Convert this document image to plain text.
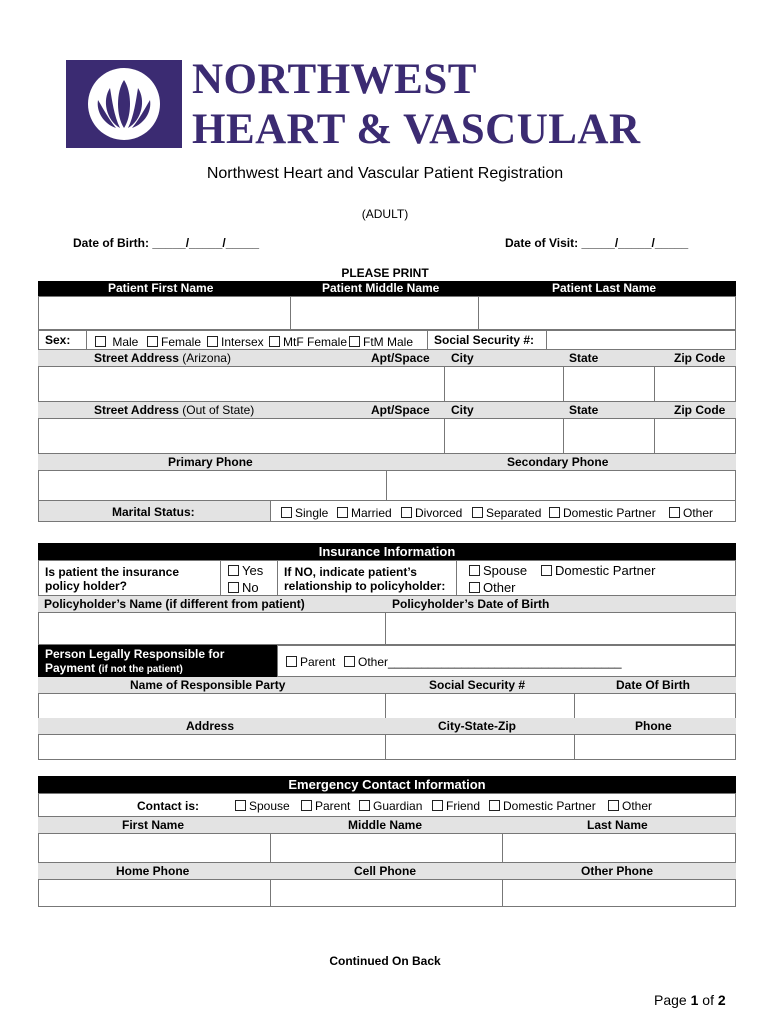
NORTHWEST
HEART & VASCULAR
Northwest Heart and Vascular Patient Registration
(ADULT)
Date of Birth: _____/_____/_____	Date of Visit: _____/_____/_____
PLEASE PRINT
Patient First Name	Patient Middle Name	Patient Last Name
Sex:	Male	Female	Intersex	MtF Female	FtM Male Social Security #:
Street Address (Arizona)	Apt/Space City	State	Zip Code
Street Address (Out of State)	Apt/Space City	State	Zip Code
Primary Phone	Secondary Phone
Marital Status:	Single	Married	Divorced	Separated	Domestic Partner	Other
Insurance Information
Is patient the insurance
policy holder?
Yes
No
If NO, indicate patient’s
relationship to policyholder:
Spouse	Domestic Partner
Other
Policyholder’s Name (if different from patient)	Policyholder’s Date of Birth
Person Legally Responsible for
Payment (if not the patient)
Parent	Other___________________________________
Name of Responsible Party	Social Security #	Date Of Birth
Address	City-State-Zip	Phone
Emergency Contact Information
Contact is:	Spouse	Parent	Guardian	Friend	Domestic Partner	Other
First Name	Middle Name	Last Name
Home Phone	Cell Phone	Other Phone
Continued On Back
Page 1 of 2
